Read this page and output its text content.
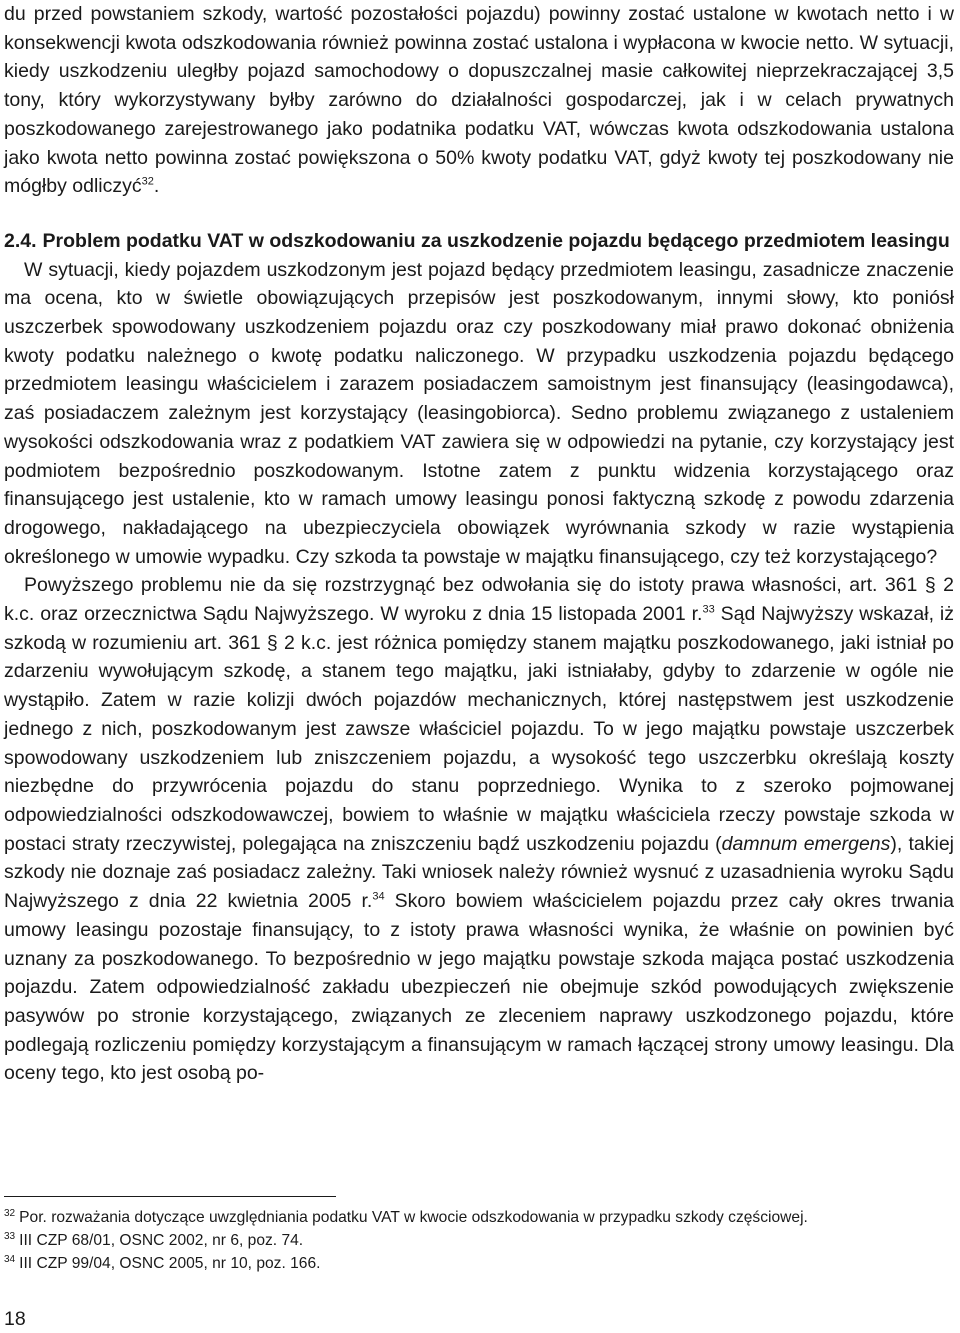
du przed powstaniem szkody, wartość pozostałości pojazdu) powinny zostać ustalone w kwotach netto i w konsekwencji kwota odszkodowania również powinna zostać ustalona i wypłacona w kwocie netto. W sytuacji, kiedy uszkodzeniu uległby pojazd samochodowy o dopuszczalnej masie całkowitej nieprzekraczającej 3,5 tony, który wykorzystywany byłby zarówno do działalności gospodarczej, jak i w celach prywatnych poszkodowanego zarejestrowanego jako podatnika podatku VAT, wówczas kwota odszkodowania ustalona jako kwota netto powinna zostać powiększona o 50% kwoty podatku VAT, gdyż kwoty tej poszkodowany nie mógłby odliczyć$^{32}$.

2.4. Problem podatku VAT w odszkodowaniu za uszkodzenie pojazdu będącego przedmiotem leasingu

W sytuacji, kiedy pojazdem uszkodzonym jest pojazd będący przedmiotem leasingu, zasadnicze znaczenie ma ocena, kto w świetle obowiązujących przepisów jest poszkodowanym, innymi słowy, kto poniósł uszczerbek spowodowany uszkodzeniem pojazdu oraz czy poszkodowany miał prawo dokonać obniżenia kwoty podatku należnego o kwotę podatku naliczonego. W przypadku uszkodzenia pojazdu będącego przedmiotem leasingu właścicielem i zarazem posiadaczem samoistnym jest finansujący (leasingodawca), zaś posiadaczem zależnym jest korzystający (leasingobiorca). Sedno problemu związanego z ustaleniem wysokości odszkodowania wraz z podatkiem VAT zawiera się w odpowiedzi na pytanie, czy korzystający jest podmiotem bezpośrednio poszkodowanym. Istotne zatem z punktu widzenia korzystającego oraz finansującego jest ustalenie, kto w ramach umowy leasingu ponosi faktyczną szkodę z powodu zdarzenia drogowego, nakładającego na ubezpieczyciela obowiązek wyrównania szkody w razie wystąpienia określonego w umowie wypadku. Czy szkoda ta powstaje w majątku finansującego, czy też korzystającego?

Powyższego problemu nie da się rozstrzygnąć bez odwołania się do istoty prawa własności, art. 361 § 2 k.c. oraz orzecznictwa Sądu Najwyższego. W wyroku z dnia 15 listopada 2001 r.$^{33}$ Sąd Najwyższy wskazał, iż szkodą w rozumieniu art. 361 § 2 k.c. jest różnica pomiędzy stanem majątku poszkodowanego, jaki istniał po zdarzeniu wywołującym szkodę, a stanem tego majątku, jaki istniałaby, gdyby to zdarzenie w ogóle nie wystąpiło. Zatem w razie kolizji dwóch pojazdów mechanicznych, której następstwem jest uszkodzenie jednego z nich, poszkodowanym jest zawsze właściciel pojazdu. To w jego majątku powstaje uszczerbek spowodowany uszkodzeniem lub zniszczeniem pojazdu, a wysokość tego uszczerbku określają koszty niezbędne do przywrócenia pojazdu do stanu poprzedniego. Wynika to z szeroko pojmowanej odpowiedzialności odszkodowawczej, bowiem to właśnie w majątku właściciela rzeczy powstaje szkoda w postaci straty rzeczywistej, polegająca na zniszczeniu bądź uszkodzeniu pojazdu (damnum emergens), takiej szkody nie doznaje zaś posiadacz zależny. Taki wniosek należy również wysnuć z uzasadnienia wyroku Sądu Najwyższego z dnia 22 kwietnia 2005 r.$^{34}$ Skoro bowiem właścicielem pojazdu przez cały okres trwania umowy leasingu pozostaje finansujący, to z istoty prawa własności wynika, że właśnie on powinien być uznany za poszkodowanego. To bezpośrednio w jego majątku powstaje szkoda mająca postać uszkodzenia pojazdu. Zatem odpowiedzialność zakładu ubezpieczeń nie obejmuje szkód powodujących zwiększenie pasywów po stronie korzystającego, związanych ze zleceniem naprawy uszkodzonego pojazdu, które podlegają rozliczeniu pomiędzy korzystającym a finansującym w ramach łączącej strony umowy leasingu. Dla oceny tego, kto jest osobą po-

$^{32}$ Por. rozważania dotyczące uwzględniania podatku VAT w kwocie odszkodowania w przypadku szkody częściowej.

$^{33}$ III CZP 68/01, OSNC 2002, nr 6, poz. 74.

$^{34}$ III CZP 99/04, OSNC 2005, nr 10, poz. 166.

18
